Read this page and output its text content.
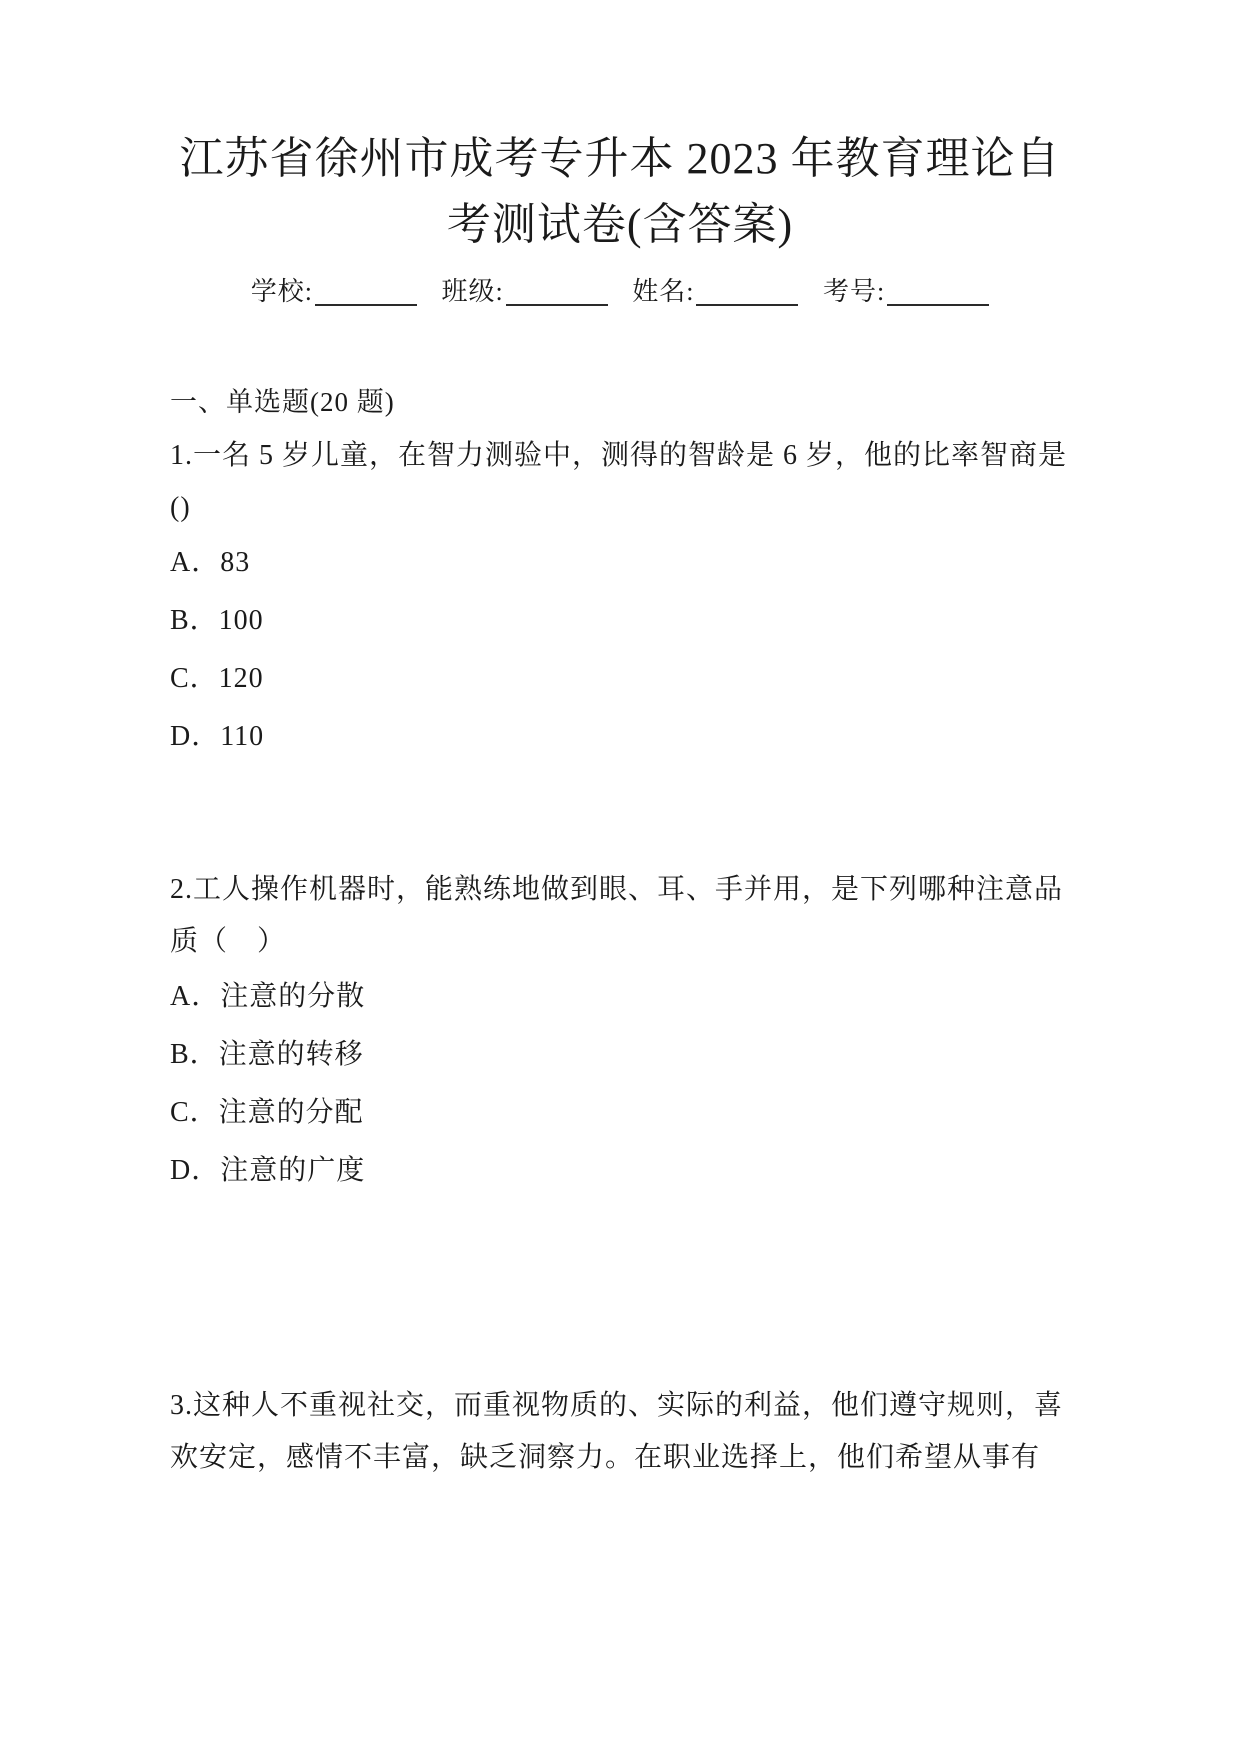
江苏省徐州市成考专升本 2023 年教育理论自考测试卷(含答案)
学校:	班级:	姓名:	考号:
一、单选题(20 题)
1.一名 5 岁儿童，在智力测验中，测得的智龄是 6 岁，他的比率智商是
()
A．83
B．100
C．120
D．110
2.工人操作机器时，能熟练地做到眼、耳、手并用，是下列哪种注意品
质（　）
A．注意的分散
B．注意的转移
C．注意的分配
D．注意的广度
3.这种人不重视社交，而重视物质的、实际的利益，他们遵守规则，喜
欢安定，感情不丰富，缺乏洞察力。在职业选择上，他们希望从事有
